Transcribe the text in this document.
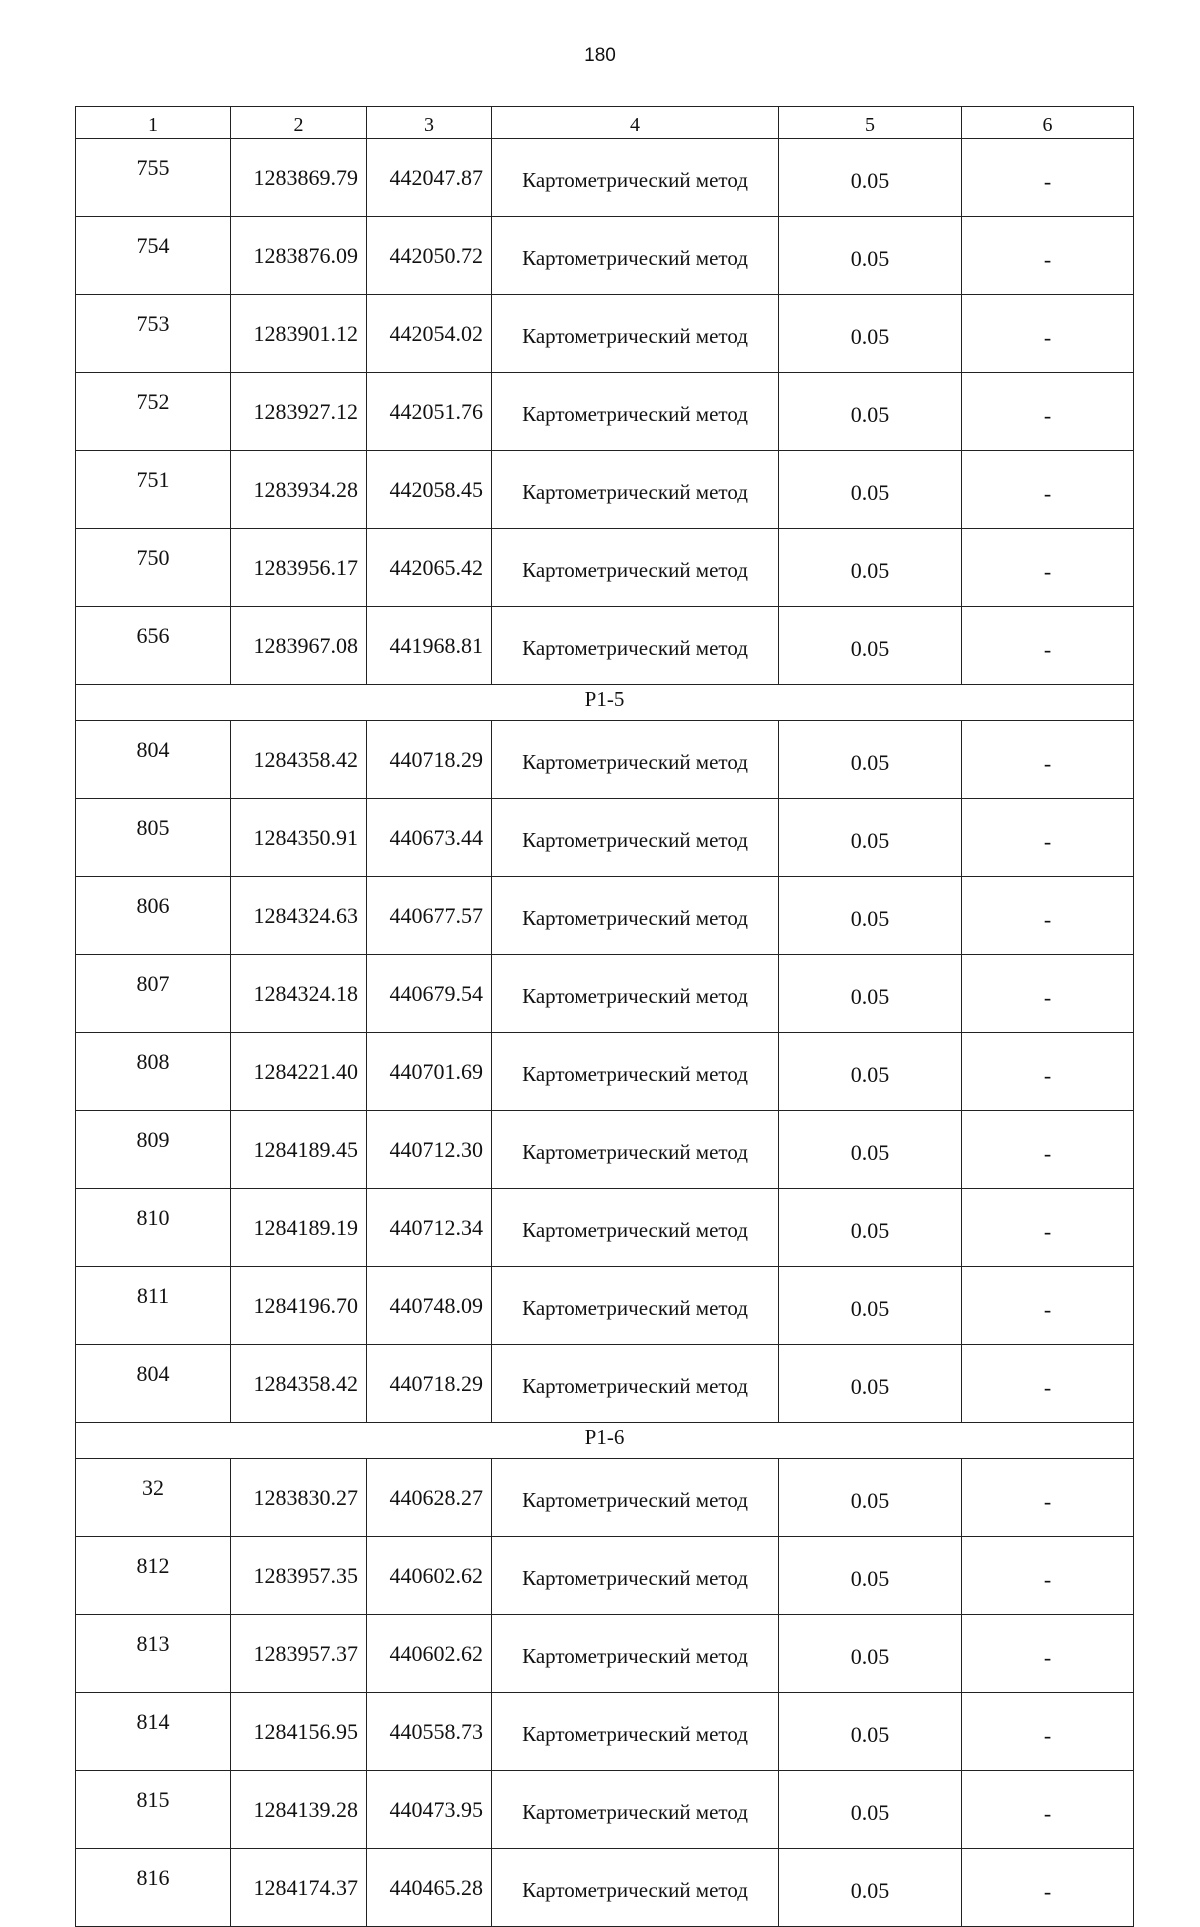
180
1	2	3	4	5	6
755	1283869.79	442047.87	Картометрический метод	0.05	-
754	1283876.09	442050.72	Картометрический метод	0.05	-
753	1283901.12	442054.02	Картометрический метод	0.05	-
752	1283927.12	442051.76	Картометрический метод	0.05	-
751	1283934.28	442058.45	Картометрический метод	0.05	-
750	1283956.17	442065.42	Картометрический метод	0.05	-
656	1283967.08	441968.81	Картометрический метод	0.05	-
Р1-5					
804	1284358.42	440718.29	Картометрический метод	0.05	-
805	1284350.91	440673.44	Картометрический метод	0.05	-
806	1284324.63	440677.57	Картометрический метод	0.05	-
807	1284324.18	440679.54	Картометрический метод	0.05	-
808	1284221.40	440701.69	Картометрический метод	0.05	-
809	1284189.45	440712.30	Картометрический метод	0.05	-
810	1284189.19	440712.34	Картометрический метод	0.05	-
811	1284196.70	440748.09	Картометрический метод	0.05	-
804	1284358.42	440718.29	Картометрический метод	0.05	-
Р1-6					
32	1283830.27	440628.27	Картометрический метод	0.05	-
812	1283957.35	440602.62	Картометрический метод	0.05	-
813	1283957.37	440602.62	Картометрический метод	0.05	-
814	1284156.95	440558.73	Картометрический метод	0.05	-
815	1284139.28	440473.95	Картометрический метод	0.05	-
816	1284174.37	440465.28	Картометрический метод	0.05	-
